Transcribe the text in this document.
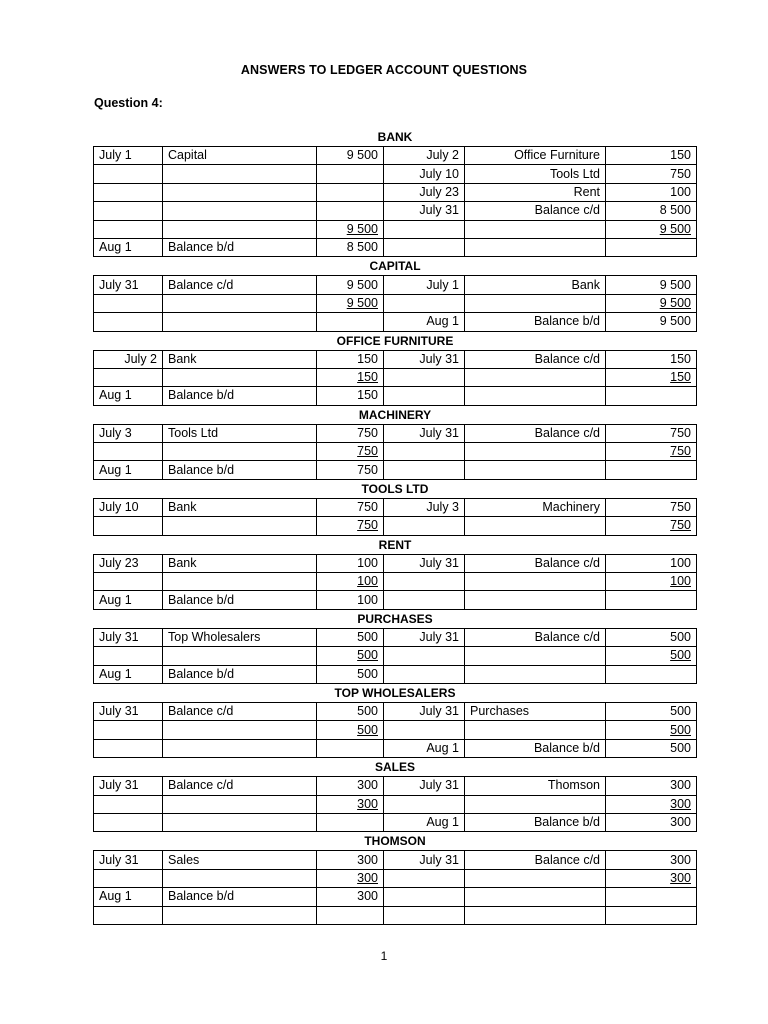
ANSWERS TO LEDGER ACCOUNT QUESTIONS
Question 4:
BANK
July 1	Capital	9 500	July 2	Office Furniture	150
			July 10	Tools Ltd	750
			July 23	Rent	100
			July 31	Balance c/d	8 500
		9 500			9 500
Aug 1	Balance b/d	8 500			
CAPITAL
July 31	Balance c/d	9 500	July 1	Bank	9 500
		9 500			9 500
			Aug 1	Balance b/d	9 500
OFFICE FURNITURE
July 2	Bank	150	July 31	Balance c/d	150
		150			150
Aug 1	Balance b/d	150			
MACHINERY
July 3	Tools Ltd	750	July 31	Balance c/d	750
		750			750
Aug 1	Balance b/d	750			
TOOLS LTD
July 10	Bank	750	July 3	Machinery	750
		750			750
RENT
July 23	Bank	100	July 31	Balance c/d	100
		100			100
Aug 1	Balance b/d	100			
PURCHASES
July 31	Top Wholesalers	500	July 31	Balance c/d	500
		500			500
Aug 1	Balance b/d	500			
TOP WHOLESALERS
July 31	Balance c/d	500	July 31	Purchases	500
		500			500
			Aug 1	Balance b/d	500
SALES
July 31	Balance c/d	300	July 31	Thomson	300
		300			300
			Aug 1	Balance b/d	300
THOMSON
July 31	Sales	300	July 31	Balance c/d	300
		300			300
Aug 1	Balance b/d	300			

1
